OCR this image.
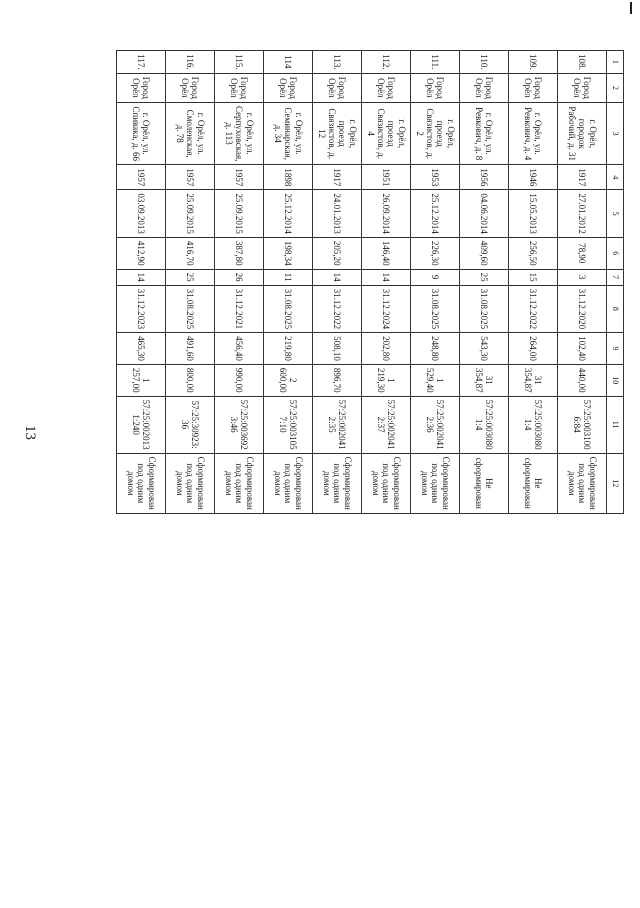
13
1	2	3	4	5	6	7	8	9	10	11	12
108.	Город Орёл	г. Орёл, городок Рабочий, д. 31	1917	27.01.2012	78,90	3	31.12.2020	102,40	440,00	57:25:003100 6:84	Сформирован под одним домом
109.	Город Орёл	г. Орёл, ул. Ревкович, д. 4	1946	15.05.2013	256,50	15	31.12.2022	264,00	31 354,87	57:25:003080 1:4	Не сформирован
110.	Город Орёл	г. Орёл, ул. Ревкович, д. 8	1956	04.06.2014	409,60	25	31.08.2025	543,30	31 354,87	57:25:003080 1:4	Не сформирован
111.	Город Орёл	г. Орёл, проезд Связистов, д. 2	1953	25.12.2014	226,30	9	31.08.2025	248,80	1 529,40	57:25:002041 2:36	Сформирован под одним домом
112.	Город Орёл	г. Орёл, проезд Связистов, д. 4	1951	26.09.2014	146,40	14	31.12.2024	202,80	1 219,30	57:25:002041 2:37	Сформирован под одним домом
113.	Город Орёл	г. Орёл, проезд Связистов, д. 12	1917	24.01.2013	205,20	14	31.12.2022	508,10	896,70	57:25:002041 2:35	Сформирован под одним домом
114	Город Орёл	г. Орёл, ул. Семинарская, д. 34	1898	25.12.2014	198,34	11	31.08.2025	219,80	2 600,00	57:25:003105 7:10	Сформирован под одним домом
115.	Город Орёл	г. Орёл, ул. Серпуховская, д. 113	1957	25.09.2015	387,80	26	31.12.2021	456,40	990,00	57:25:003692 3:46	Сформирован под одним домом
116.	Город Орёл	г. Орёл, ул. Смоленская, д. 78	1957	25.09.2015	416,70	25	31.08.2025	491,60	800,00	57:25:30923: 36	Сформирован под одним домом
117.	Город Орёл	г. Орёл, ул. Спивака, д. 66	1957	03.09.2013	412,90	14	31.12.2023	465,30	1 257,00	57:25:002013 1:240	Сформирован под одним домом
